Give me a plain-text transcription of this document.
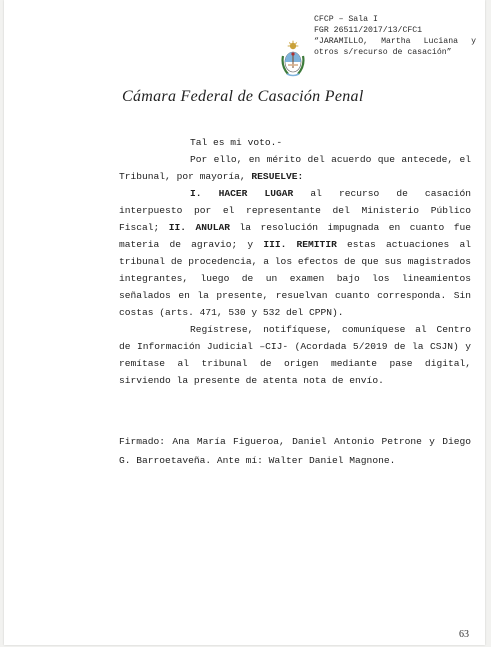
CFCP – Sala I
FGR 26511/2017/13/CFC1
“JARAMILLO, Martha Luciana y
otros s/recurso de casación”
Cámara Federal de Casación Penal

Tal es mi voto.-

Por ello, en mérito del acuerdo que antecede, el Tribunal, por mayoría, RESUELVE:

I. HACER LUGAR al recurso de casación interpuesto por el representante del Ministerio Público Fiscal; II. ANULAR la resolución impugnada en cuanto fue materia de agravio; y III. REMITIR estas actuaciones al tribunal de procedencia, a los efectos de que sus magistrados integrantes, luego de un examen bajo los lineamientos señalados en la presente, resuelvan cuanto corresponda. Sin costas (arts. 471, 530 y 532 del CPPN).

Regístrese, notifíquese, comuníquese al Centro de Información Judicial –CIJ- (Acordada 5/2019 de la CSJN) y remítase al tribunal de origen mediante pase digital, sirviendo la presente de atenta nota de envío.

Firmado: Ana María Figueroa, Daniel Antonio Petrone y Diego G. Barroetaveña. Ante mí: Walter Daniel Magnone.
63
